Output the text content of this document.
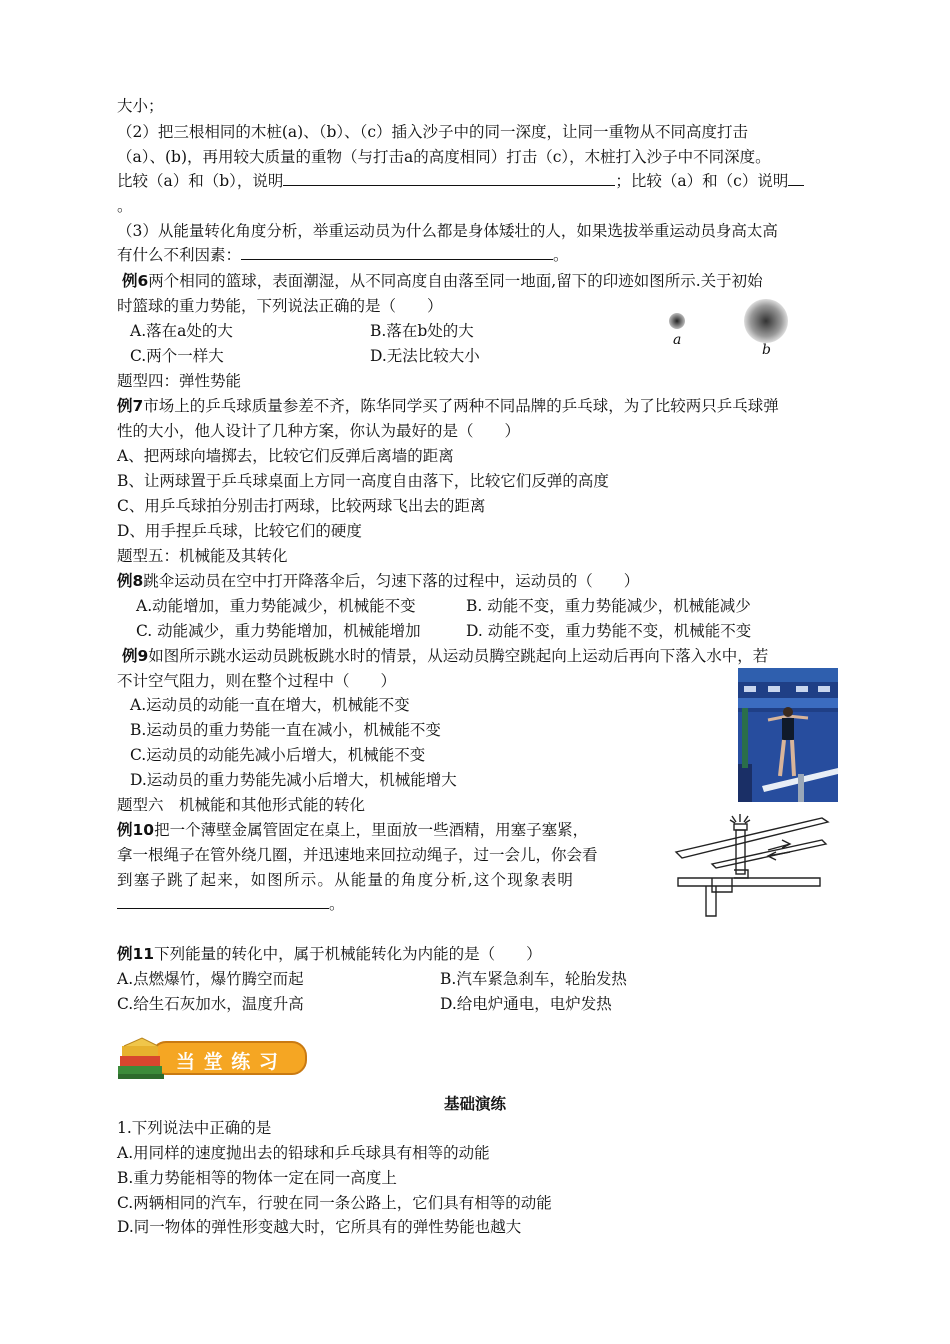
大小；
（2）把三根相同的木桩(a)、（b）、（c）插入沙子中的同一深度，让同一重物从不同高度打击
（a）、(b)，再用较大质量的重物（与打击a的高度相同）打击（c），木桩打入沙子中不同深度。
比较（a）和（b），说明	；比较（a）和（c）说明
。
（3）从能量转化角度分析，举重运动员为什么都是身体矮壮的人，如果选拔举重运动员身高太高
有什么不利因素：	。
例6两个相同的篮球，表面潮湿，从不同高度自由落至同一地面,留下的印迹如图所示.关于初始
时篮球的重力势能，下列说法正确的是（　　）
A.落在a处的大	B.落在b处的大
C.两个一样大	D.无法比较大小
a
b
题型四：弹性势能
例7市场上的乒乓球质量参差不齐，陈华同学买了两种不同品牌的乒乓球，为了比较两只乒乓球弹
性的大小，他人设计了几种方案，你认为最好的是（　　）
A、把两球向墙掷去，比较它们反弹后离墙的距离
B、让两球置于乒乓球桌面上方同一高度自由落下，比较它们反弹的高度
C、用乒乓球拍分别击打两球，比较两球飞出去的距离
D、用手捏乒乓球，比较它们的硬度
题型五：机械能及其转化
例8跳伞运动员在空中打开降落伞后，匀速下落的过程中，运动员的（　　）
A.动能增加，重力势能减少，机械能不变	B. 动能不变，重力势能减少，机械能减少
C. 动能减少，重力势能增加，机械能增加	D. 动能不变，重力势能不变，机械能不变
例9如图所示跳水运动员跳板跳水时的情景，从运动员腾空跳起向上运动后再向下落入水中，若
不计空气阻力，则在整个过程中（　　）
A.运动员的动能一直在增大，机械能不变
B.运动员的重力势能一直在减小，机械能不变
C.运动员的动能先减小后增大，机械能不变
D.运动员的重力势能先减小后增大，机械能增大
题型六　机械能和其他形式能的转化
例10把一个薄壁金属管固定在桌上，里面放一些酒精，用塞子塞紧，
拿一根绳子在管外绕几圈，并迅速地来回拉动绳子，过一会儿，你会看
到塞子跳了起来，如图所示。从能量的角度分析,这个现象表明
。
例11下列能量的转化中，属于机械能转化为内能的是（　　）
A.点燃爆竹，爆竹腾空而起	B.汽车紧急刹车，轮胎发热
C.给生石灰加水，温度升高	D.给电炉通电，电炉发热
当 堂 练 习
基础演练
1.下列说法中正确的是
A.用同样的速度抛出去的铅球和乒乓球具有相等的动能
B.重力势能相等的物体一定在同一高度上
C.两辆相同的汽车，行驶在同一条公路上，它们具有相等的动能
D.同一物体的弹性形变越大时，它所具有的弹性势能也越大
